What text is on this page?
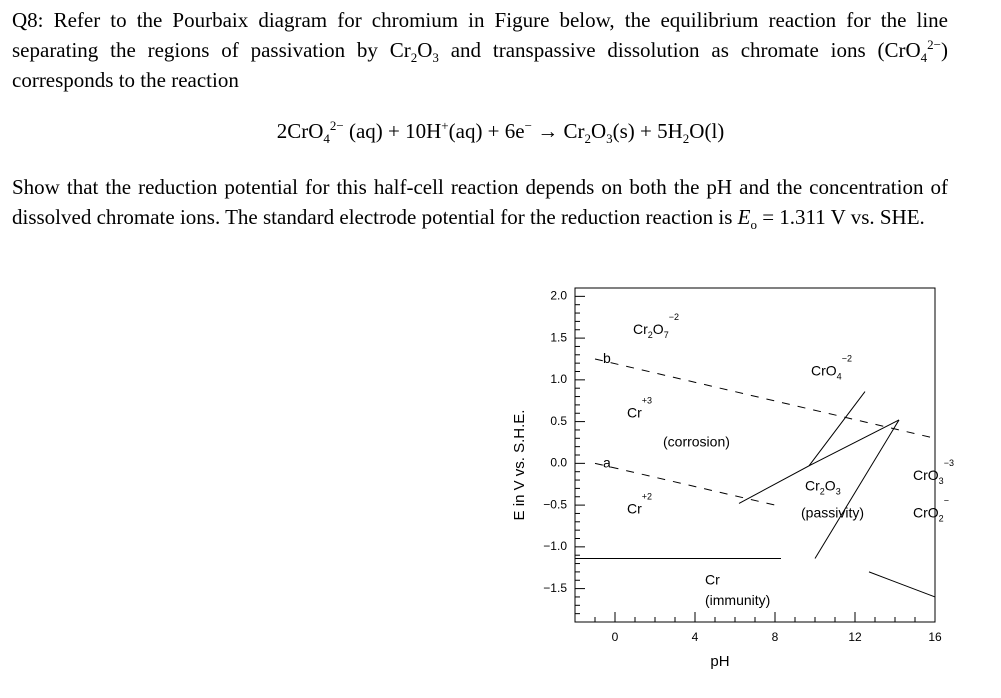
Q8: Refer to the Pourbaix diagram for chromium in Figure below, the equilibrium reaction for the line separating the regions of passivation by $Cr_2O_3$ and transpassive dissolution as chromate ions (CrO$_4^{2-}$) corresponds to the reaction
2CrO$_4^{2-}$ $(aq) + 10H^+(aq) + 6e^- \to Cr_2O_3(s) + 5H_2O(l)$
Show that the reduction potential for this half-cell reaction depends on both the pH and the concentration of dissolved chromate ions. The standard electrode potential for the reduction reaction is $E_o = 1.311$ V vs. SHE.
2.0
1.5
1.0
0.5
0.0
−0.5
−1.0
−1.5
0	4	8	12	16
pH
E in V vs. S.H.E.
$Cr_2O_7^{-2}$
b
CrO$_4^{-2}$
$Cr^{+3}$
(corrosion)
a
$Cr_2O_3$
(passivity)
CrO$_3^{-3}$
CrO$_2$−
$Cr^{+2}$
Cr
(immunity)
